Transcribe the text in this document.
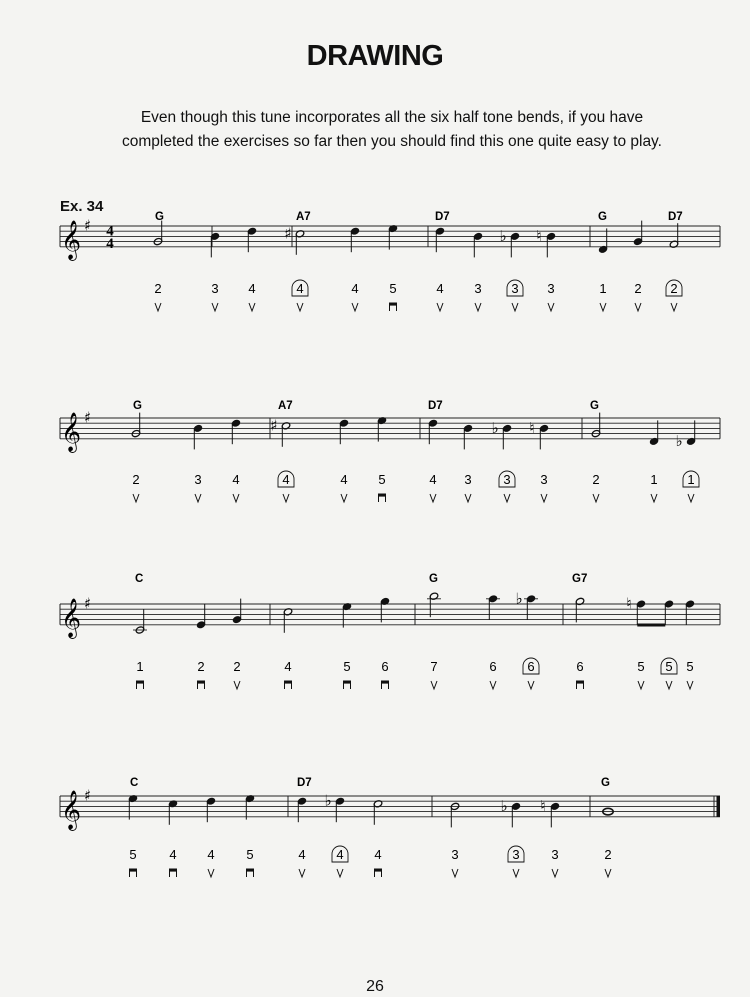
DRAWING
Even though this tune incorporates all the six half tone bends, if you have
completed the exercises so far then you should find this one quite easy to play.
Ex. 34
𝄞 ♯ 4
4
G	A7	D7	G	D7
2	3 4
♯
4	4 5	4 3
♭
3
♮
3	1 2 2
𝄞 ♯
G	A7	D7	G
2	3 4
♯
4	4 5	4 3
♭
3
♮
3	2	1
♭
1
𝄞 ♯
C	G	G7
1	2 2	4	5 6	7	6
♭
6	6
♮
5 5 5
𝄞 ♯
C	D7	G
5	4 4 5	4
♭
4 4	3
♭
3
♮
3	2
26
